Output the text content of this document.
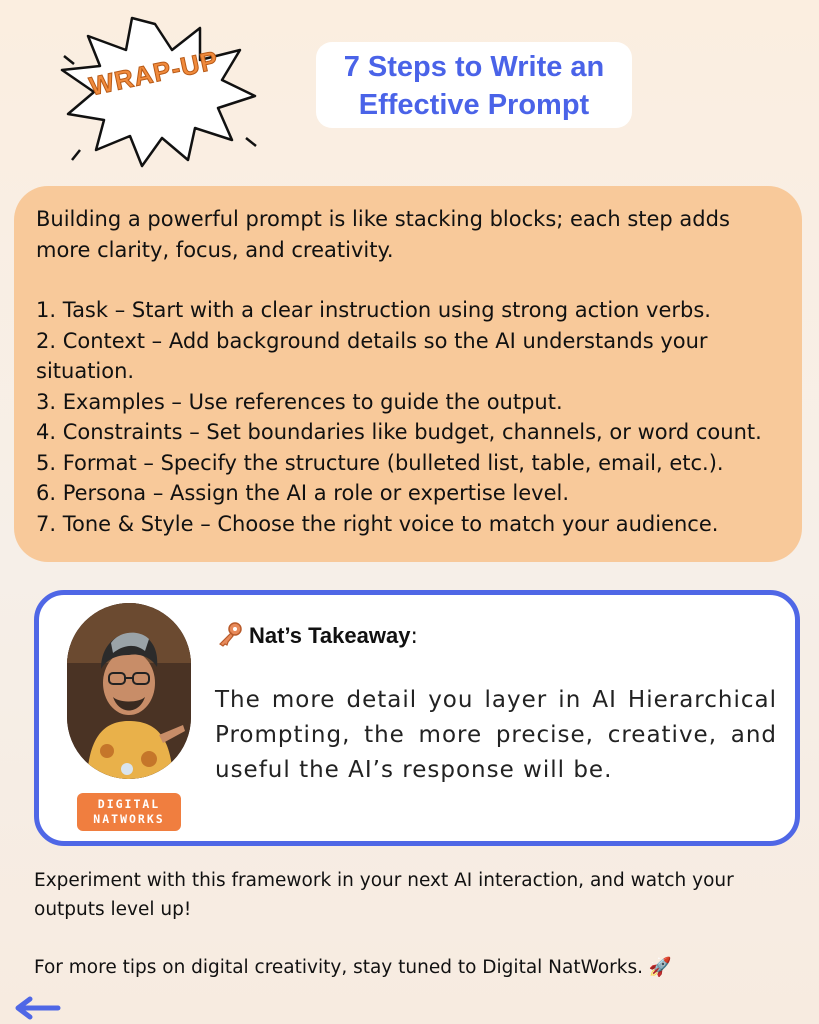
WRAP-UP	7 Steps to Write an
Effective Prompt

Building a powerful prompt is like stacking blocks; each step adds more clarity, focus, and creativity.

1. Task – Start with a clear instruction using strong action verbs.

2. Context – Add background details so the AI understands your situation.

3. Examples – Use references to guide the output.

4. Constraints – Set boundaries like budget, channels, or word count.

5. Format – Specify the structure (bulleted list, table, email, etc.).

6. Persona – Assign the AI a role or expertise level.

7. Tone & Style – Choose the right voice to match your audience.

DIGITAL
NATWORKS
Nat’s Takeaway:
The more detail you layer in AI Hierarchical Prompting, the more precise, creative, and useful the AI’s response will be.

Experiment with this framework in your next AI interaction, and watch your outputs level up!

For more tips on digital creativity, stay tuned to Digital NatWorks. 🚀
